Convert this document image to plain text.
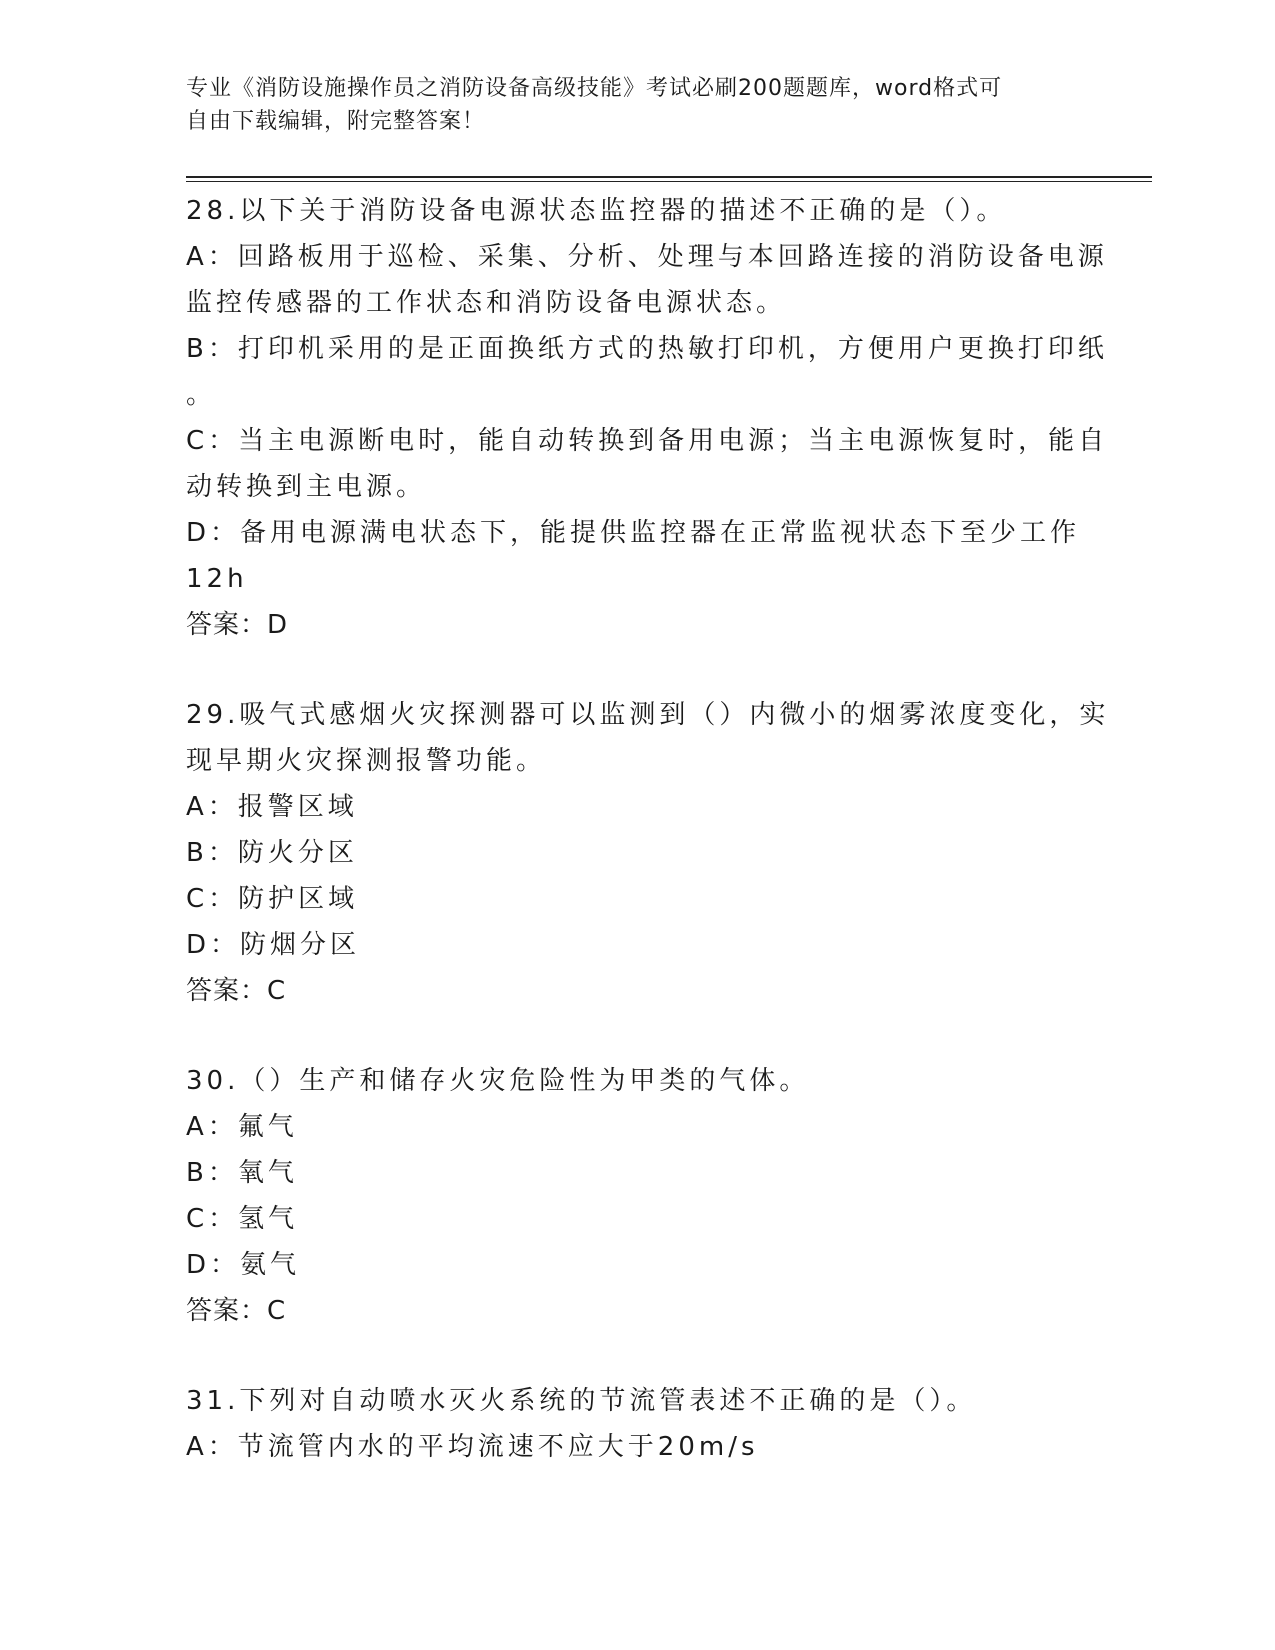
专业《消防设施操作员之消防设备高级技能》考试必刷200题题库，word格式可
自由下载编辑，附完整答案！
28.以下关于消防设备电源状态监控器的描述不正确的是（）。
A：回路板用于巡检、采集、分析、处理与本回路连接的消防设备电源
监控传感器的工作状态和消防设备电源状态。
B：打印机采用的是正面换纸方式的热敏打印机，方便用户更换打印纸
。
C：当主电源断电时，能自动转换到备用电源；当主电源恢复时，能自
动转换到主电源。
D：备用电源满电状态下，能提供监控器在正常监视状态下至少工作
12h
答案：D
29.吸气式感烟火灾探测器可以监测到（）内微小的烟雾浓度变化，实
现早期火灾探测报警功能。
A：报警区域
B：防火分区
C：防护区域
D：防烟分区
答案：C
30.（）生产和储存火灾危险性为甲类的气体。
A：氟气
B：氧气
C：氢气
D：氨气
答案：C
31.下列对自动喷水灭火系统的节流管表述不正确的是（）。
A：节流管内水的平均流速不应大于20m/s
